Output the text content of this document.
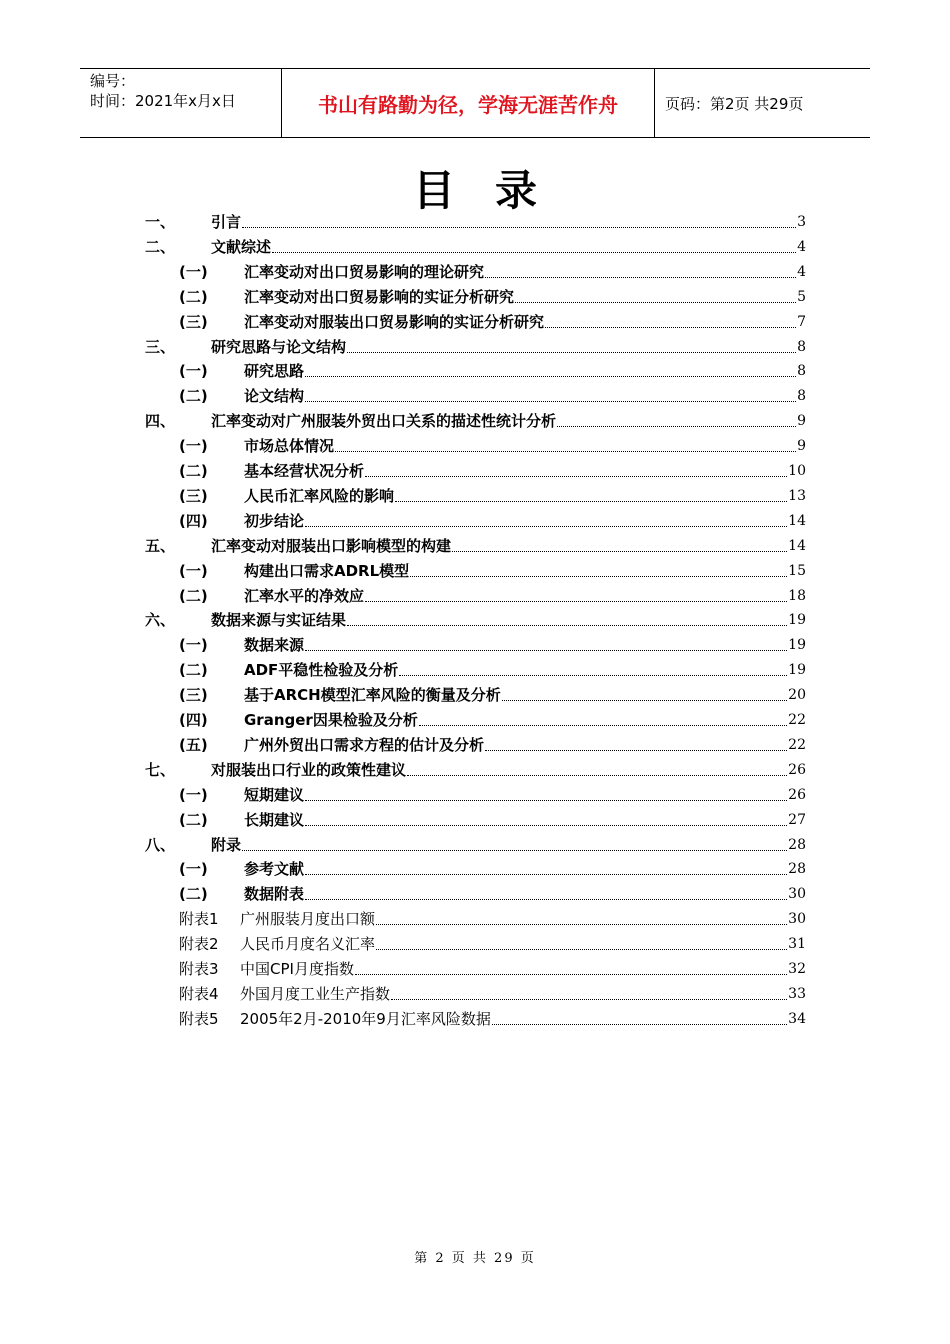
编号：
时间：2021年x月x日	书山有路勤为径，学海无涯苦作舟	页码：第2页 共29页
目录
一、	引言	3
二、	文献综述	4
(一)	汇率变动对出口贸易影响的理论研究	4
(二)	汇率变动对出口贸易影响的实证分析研究	5
(三)	汇率变动对服装出口贸易影响的实证分析研究	7
三、	研究思路与论文结构	8
(一)	研究思路	8
(二)	论文结构	8
四、	汇率变动对广州服装外贸出口关系的描述性统计分析	9
(一)	市场总体情况	9
(二)	基本经营状况分析	10
(三)	人民币汇率风险的影响	13
(四)	初步结论	14
五、	汇率变动对服装出口影响模型的构建	14
(一)	构建出口需求ADRL模型	15
(二)	汇率水平的净效应	18
六、	数据来源与实证结果	19
(一)	数据来源	19
(二)	ADF平稳性检验及分析	19
(三)	基于ARCH模型汇率风险的衡量及分析	20
(四)	Granger因果检验及分析	22
(五)	广州外贸出口需求方程的估计及分析	22
七、	对服装出口行业的政策性建议	26
(一)	短期建议	26
(二)	长期建议	27
八、	附录	28
(一)	参考文献	28
(二)	数据附表	30
附表1	广州服装月度出口额	30
附表2	人民币月度名义汇率	31
附表3	中国CPI月度指数	32
附表4	外国月度工业生产指数	33
附表5	2005年2月-2010年9月汇率风险数据	34
第 2 页 共 29 页
